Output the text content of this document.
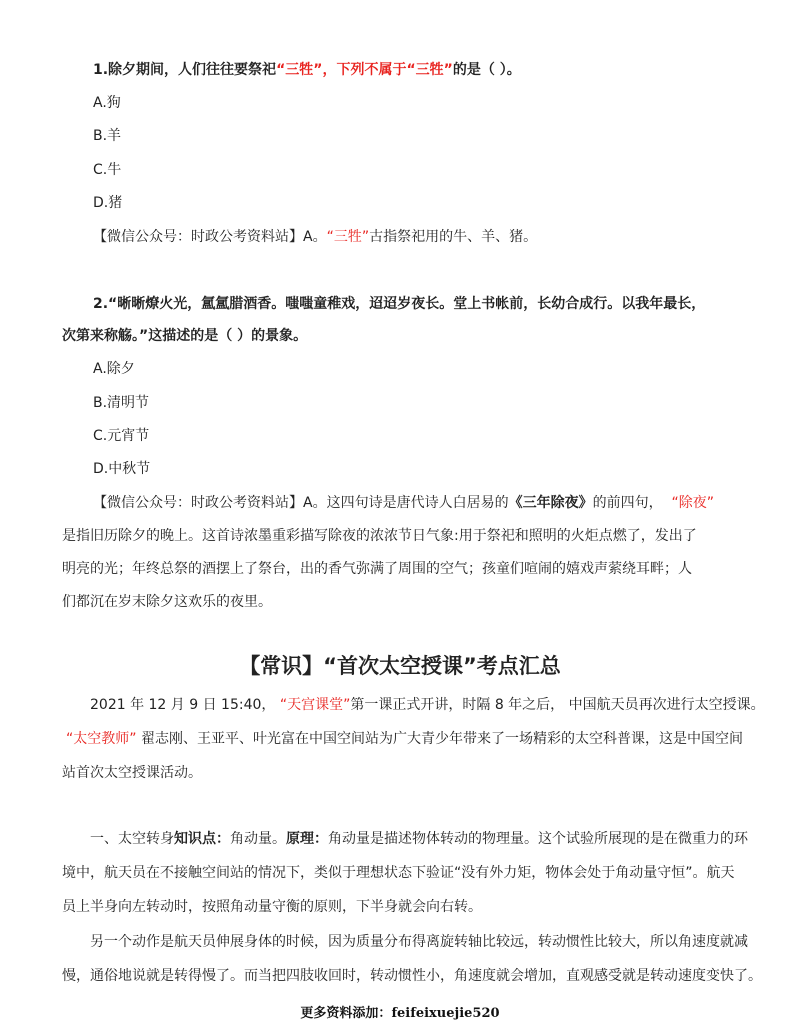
1.除夕期间，人们往往要祭祀“三牲”，下列不属于“三牲”的是（ ）。
A.狗
B.羊
C.牛
D.猪
【微信公众号：时政公考资料站】A。“三牲”古指祭祀用的牛、羊、猪。
2.“晰晰燎火光，氲氲腊酒香。嗤嗤童稚戏，迢迢岁夜长。堂上书帐前，长幼合成行。以我年最长，
次第来称觞。”这描述的是（ ）的景象。
A.除夕
B.清明节
C.元宵节
D.中秋节
【微信公众号：时政公考资料站】A。这四句诗是唐代诗人白居易的《三年除夜》的前四句， “除夜”
是指旧历除夕的晚上。这首诗浓墨重彩描写除夜的浓浓节日气象:用于祭祀和照明的火炬点燃了，发出了
明亮的光；年终总祭的酒摆上了祭台，出的香气弥满了周围的空气；孩童们喧闹的嬉戏声萦绕耳畔；人
们都沉在岁末除夕这欢乐的夜里。
【常识】“首次太空授课”考点汇总
2021 年 12 月 9 日 15:40， “天宫课堂”第一课正式开讲，时隔 8 年之后， 中国航天员再次进行太空授课。
“太空教师” 翟志刚、王亚平、叶光富在中国空间站为广大青少年带来了一场精彩的太空科普课，这是中国空间
站首次太空授课活动。
一、太空转身知识点：角动量。原理：角动量是描述物体转动的物理量。这个试验所展现的是在微重力的环
境中，航天员在不接触空间站的情况下，类似于理想状态下验证“没有外力矩，物体会处于角动量守恒”。航天
员上半身向左转动时，按照角动量守衡的原则，下半身就会向右转。
另一个动作是航天员伸展身体的时候，因为质量分布得离旋转轴比较远，转动惯性比较大，所以角速度就减
慢，通俗地说就是转得慢了。而当把四肢收回时，转动惯性小，角速度就会增加，直观感受就是转动速度变快了。
更多资料添加：feifeixuejie520
